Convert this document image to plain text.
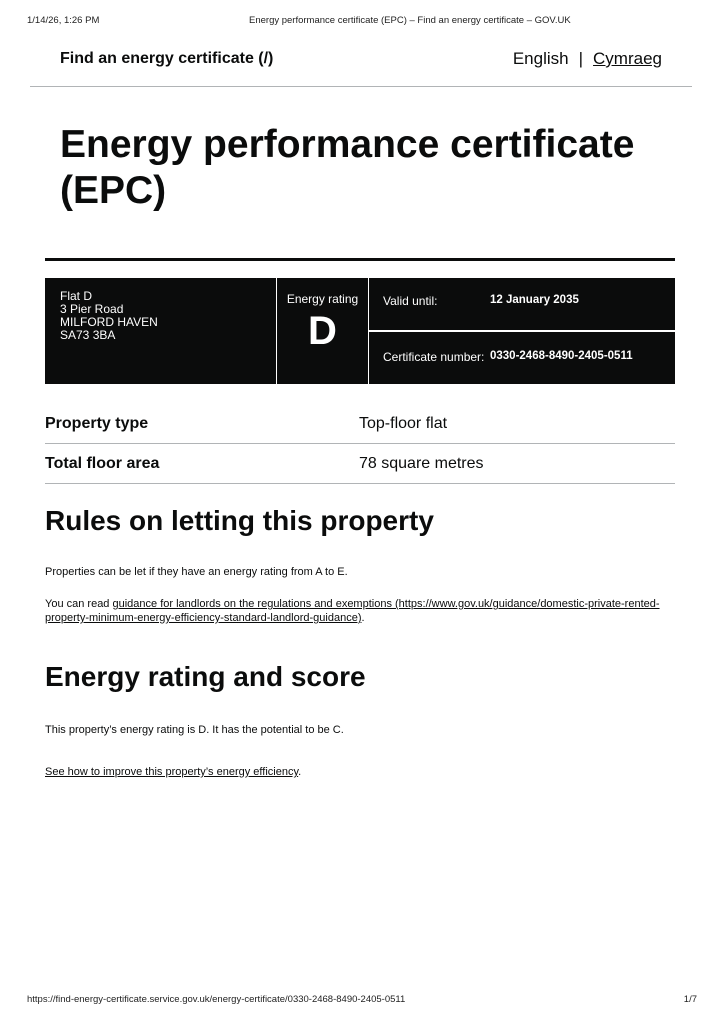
1/14/26, 1:26 PM	Energy performance certificate (EPC) – Find an energy certificate – GOV.UK
Find an energy certificate (/)	English | Cymraeg
Energy performance certificate (EPC)
Flat D
3 Pier Road
MILFORD HAVEN
SA73 3BA
Energy rating
D
Valid until:	12 January 2035
Certificate number: 0330-2468-8490-2405-0511
Property type	Top-floor flat
Total floor area	78 square metres
Rules on letting this property

Properties can be let if they have an energy rating from A to E.

You can read guidance for landlords on the regulations and exemptions (https://www.gov.uk/guidance/domestic-private-rented-property-minimum-energy-efficiency-standard-landlord-guidance).

Energy rating and score

This property’s energy rating is D. It has the potential to be C.

See how to improve this property’s energy efficiency.

https://find-energy-certificate.service.gov.uk/energy-certificate/0330-2468-8490-2405-0511	1/7
